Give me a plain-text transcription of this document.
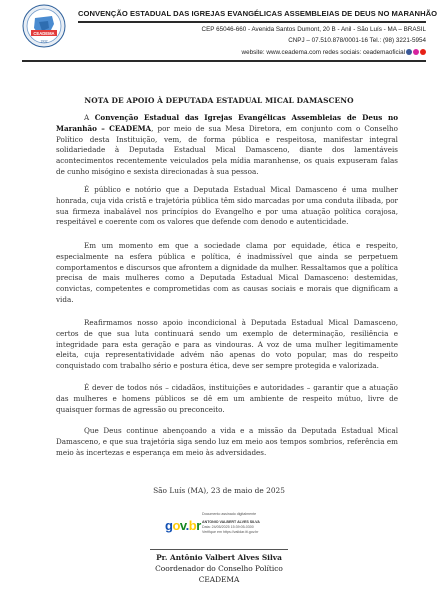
CEADEMA
1932
CONVENÇÃO ESTADUAL DAS IGREJAS EVANGÉLICAS ASSEMBLEIAS DE DEUS NO MARANHÃO
CEP 65046-660 - Avenida Santos Dumont, 20 B - Anil - São Luís - MA – BRASIL
CNPJ – 07.510.878/0001-16 Tel.: (98) 3221-5954
website: www.ceadema.com redes sociais: ceademaoficial
NOTA DE APOIO À DEPUTADA ESTADUAL MICAL DAMASCENO
A Convenção Estadual das Igrejas Evangélicas Assembleias de Deus no Maranhão – CEADEMA, por meio de sua Mesa Diretora, em conjunto com o Conselho Político desta Instituição, vem, de forma pública e respeitosa, manifestar integral solidariedade à Deputada Estadual Mical Damasceno, diante dos lamentáveis acontecimentos recentemente veiculados pela mídia maranhense, os quais expuseram falas de cunho misógino e sexista direcionadas à sua pessoa.
É público e notório que a Deputada Estadual Mical Damasceno é uma mulher honrada, cuja vida cristã e trajetória pública têm sido marcadas por uma conduta ilibada, por sua firmeza inabalável nos princípios do Evangelho e por uma atuação política corajosa, respeitável e coerente com os valores que defende com denodo e autenticidade.
Em um momento em que a sociedade clama por equidade, ética e respeito, especialmente na esfera pública e política, é inadmissível que ainda se perpetuem comportamentos e discursos que afrontem a dignidade da mulher. Ressaltamos que a política precisa de mais mulheres como a Deputada Estadual Mical Damasceno: destemidas, convictas, competentes e comprometidas com as causas sociais e morais que dignificam a vida.
Reafirmamos nosso apoio incondicional à Deputada Estadual Mical Damasceno, certos de que sua luta continuará sendo um exemplo de determinação, resiliência e integridade para esta geração e para as vindouras. A voz de uma mulher legitimamente eleita, cuja representatividade advém não apenas do voto popular, mas do respeito conquistado com trabalho sério e postura ética, deve ser sempre protegida e valorizada.
É dever de todos nós – cidadãos, instituições e autoridades – garantir que a atuação das mulheres e homens públicos se dê em um ambiente de respeito mútuo, livre de quaisquer formas de agressão ou preconceito.
Que Deus continue abençoando a vida e a missão da Deputada Estadual Mical Damasceno, e que sua trajetória siga sendo luz em meio aos tempos sombrios, referência em meio às incertezas e esperança em meio às adversidades.
São Luís (MA), 23 de maio de 2025
gov.br
Documento assinado digitalmente
ANTONIO VALBERT ALVES SILVA
Data: 24/05/2025 15:39:05-0300
Verifique em https://validar.iti.gov.br
Pr. Antônio Valbert Alves Silva
Coordenador do Conselho Político
CEADEMA
